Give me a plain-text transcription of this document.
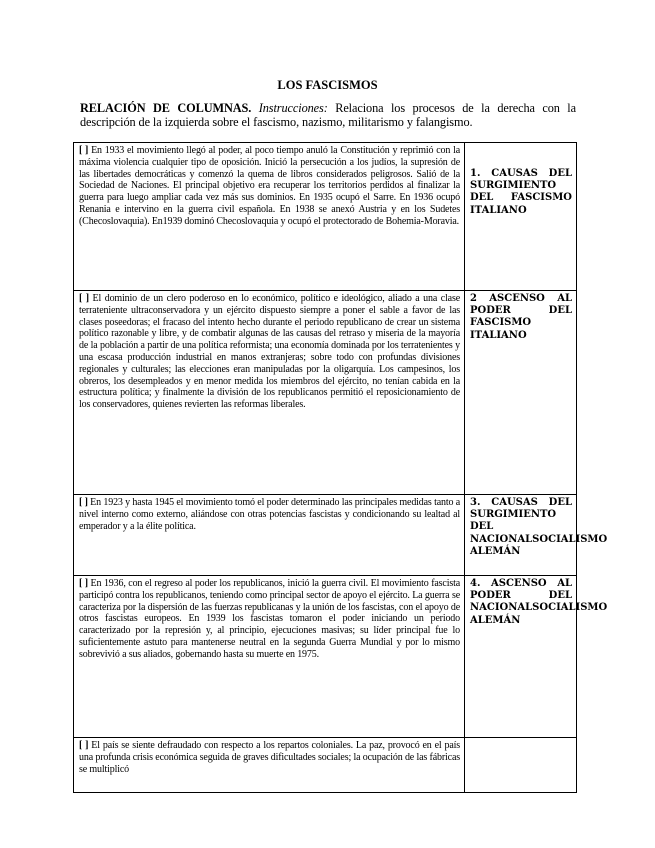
LOS FASCISMOS
RELACIÓN DE COLUMNAS. Instrucciones: Relaciona los procesos de la derecha con la descripción de la izquierda sobre el fascismo, nazismo, militarismo y falangismo.
[ ] En 1933 el movimiento llegó al poder, al poco tiempo anuló la Constitución y reprimió con la máxima violencia cualquier tipo de oposición. Inició la persecución a los judíos, la supresión de las libertades democráticas y comenzó la quema de libros considerados peligrosos. Salió de la Sociedad de Naciones. El principal objetivo era recuperar los territorios perdidos al finalizar la guerra para luego ampliar cada vez más sus dominios. En 1935 ocupó el Sarre. En 1936 ocupó Renania e intervino en la guerra civil española. En 1938 se anexó Austria y en los Sudetes (Checoslovaquia). En1939 dominó Checoslovaquia y ocupó el protectorado de Bohemia-Moravia.	1. CAUSAS DEL SURGIMIENTO DEL FASCISMO ITALIANO

[ ] El dominio de un clero poderoso en lo económico, político e ideológico, aliado a una clase terrateniente ultraconservadora y un ejército dispuesto siempre a poner el sable a favor de las clases poseedoras; el fracaso del intento hecho durante el periodo republicano de crear un sistema político razonable y libre, y de combatir algunas de las causas del retraso y miseria de la mayoría de la población a partir de una política reformista; una economía dominada por los terratenientes y una escasa producción industrial en manos extranjeras; sobre todo con profundas divisiones regionales y culturales; las elecciones eran manipuladas por la oligarquía. Los campesinos, los obreros, los desempleados y en menor medida los miembros del ejército, no tenían cabida en la estructura política; y finalmente la división de los republicanos permitió el reposicionamiento de los conservadores, quienes revierten las reformas liberales.	2 ASCENSO AL PODER DEL FASCISMO ITALIANO

[ ] En 1923 y hasta 1945 el movimiento tomó el poder determinado las principales medidas tanto a nivel interno como externo, aliándose con otras potencias fascistas y condicionando su lealtad al emperador y a la élite política.	3. CAUSAS DEL SURGIMIENTO DEL NACIONALSOCIALISMO ALEMÁN

[ ] En 1936, con el regreso al poder los republicanos, inició la guerra civil. El movimiento fascista participó contra los republicanos, teniendo como principal sector de apoyo el ejército. La guerra se caracteriza por la dispersión de las fuerzas republicanas y la unión de los fascistas, con el apoyo de otros fascistas europeos. En 1939 los fascistas tomaron el poder iniciando un periodo caracterizado por la represión y, al principio, ejecuciones masivas; su líder principal fue lo suficientemente astuto para mantenerse neutral en la segunda Guerra Mundial y por lo mismo sobrevivió a sus aliados, gobernando hasta su muerte en 1975.	4. ASCENSO AL PODER DEL NACIONALSOCIALISMO ALEMÁN

[ ] El país se siente defraudado con respecto a los repartos coloniales. La paz, provocó en el país una profunda crisis económica seguida de graves dificultades sociales; la ocupación de las fábricas se multiplicó	
